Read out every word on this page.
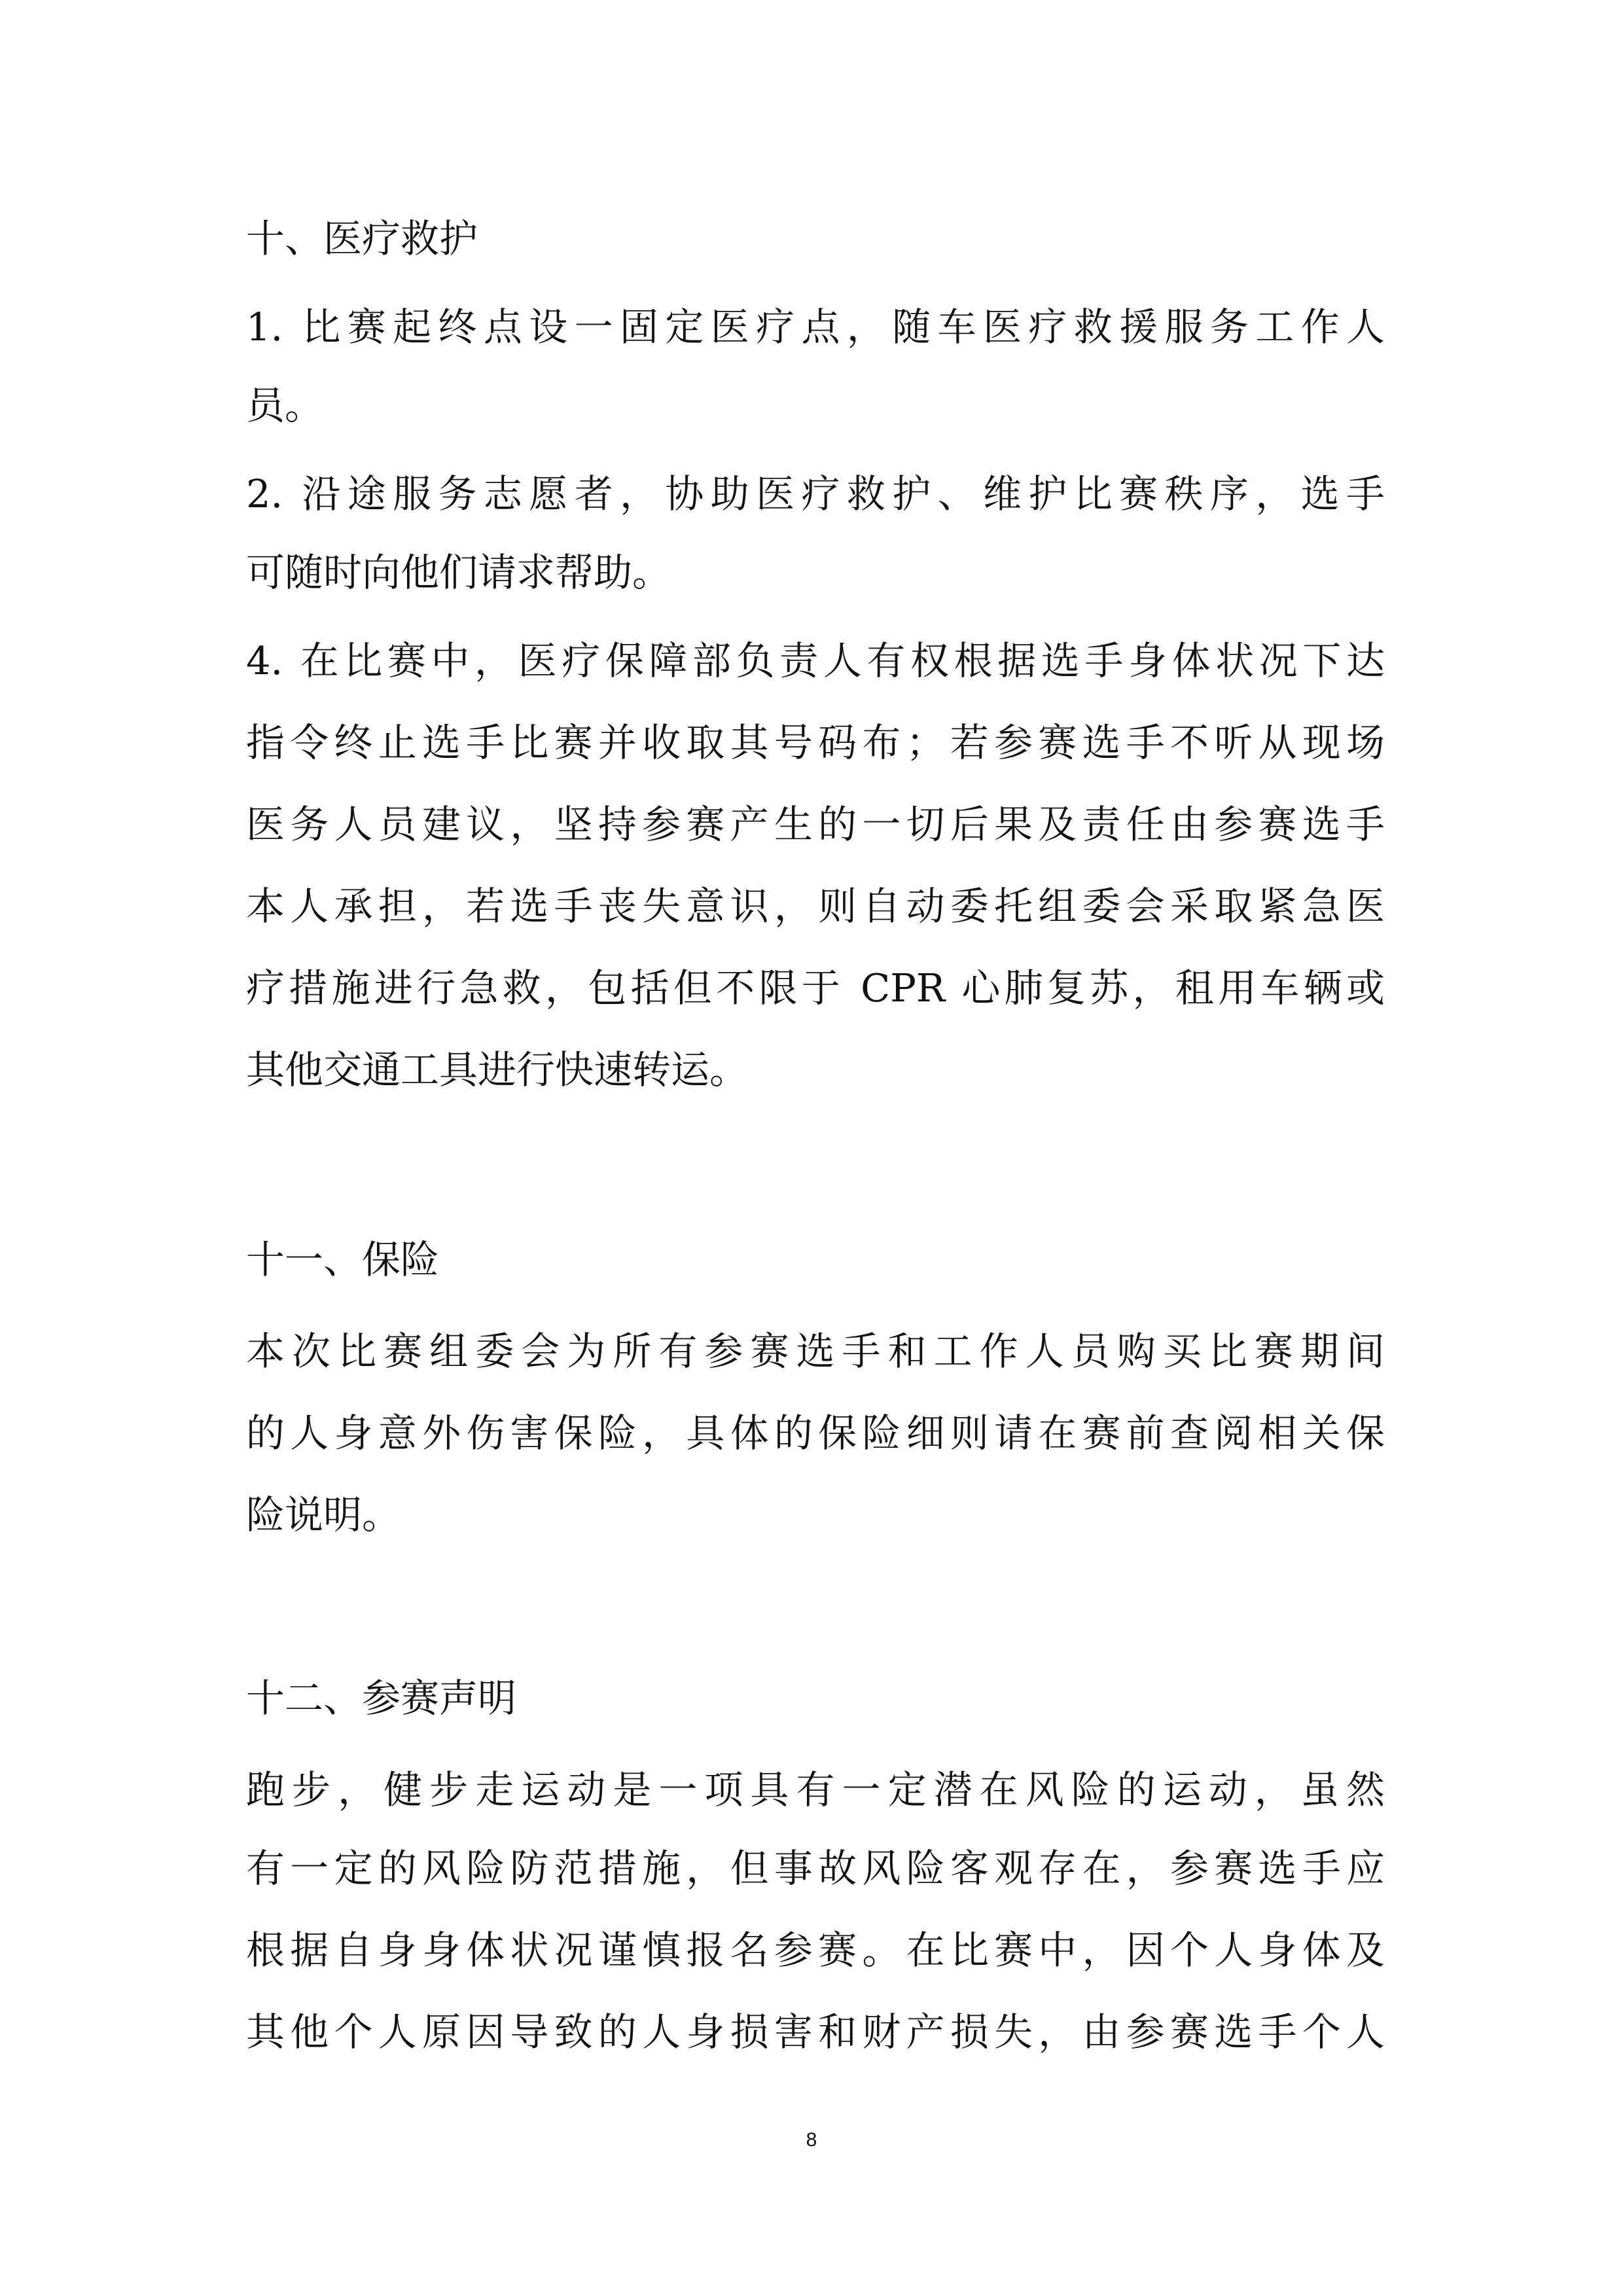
十、医疗救护
1. 比赛起终点设一固定医疗点，随车医疗救援服务工作人
员。
2. 沿途服务志愿者，协助医疗救护、维护比赛秩序，选手
可随时向他们请求帮助。
4. 在比赛中，医疗保障部负责人有权根据选手身体状况下达
指令终止选手比赛并收取其号码布；若参赛选手不听从现场
医务人员建议，坚持参赛产生的一切后果及责任由参赛选手
本人承担，若选手丧失意识，则自动委托组委会采取紧急医
疗措施进行急救，包括但不限于 CPR 心肺复苏，租用车辆或
其他交通工具进行快速转运。
十一、保险
本次比赛组委会为所有参赛选手和工作人员购买比赛期间
的人身意外伤害保险，具体的保险细则请在赛前查阅相关保
险说明。
十二、参赛声明
跑步，健步走运动是一项具有一定潜在风险的运动，虽然
有一定的风险防范措施，但事故风险客观存在，参赛选手应
根据自身身体状况谨慎报名参赛。在比赛中，因个人身体及
其他个人原因导致的人身损害和财产损失，由参赛选手个人
8
